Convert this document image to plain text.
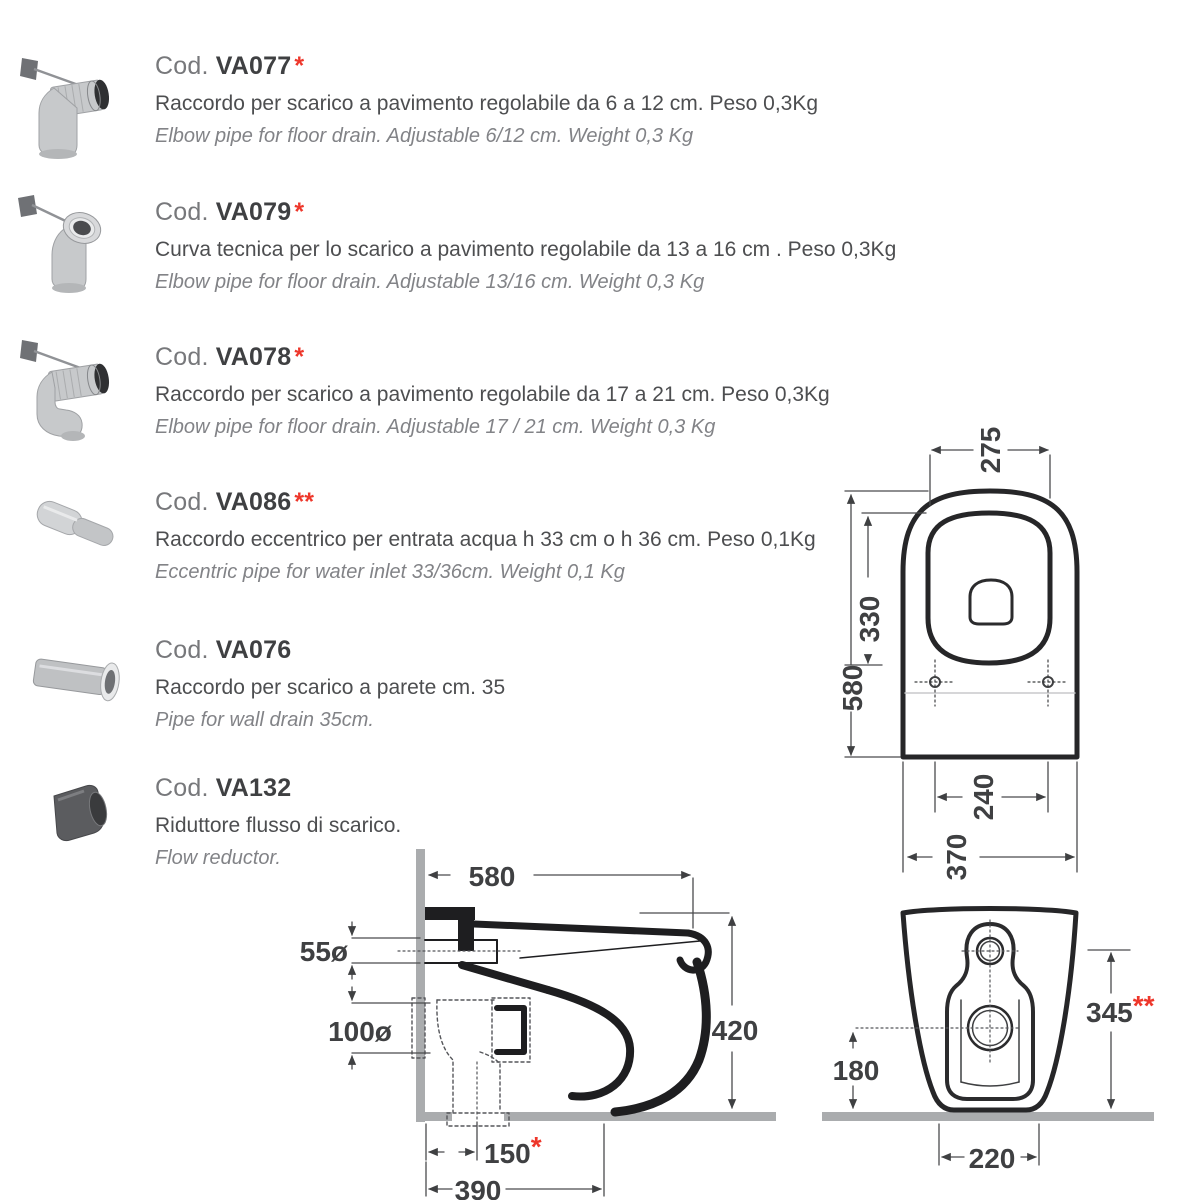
Cod. VA077 *

Raccordo per scarico a pavimento regolabile da 6 a 12 cm. Peso 0,3Kg

Elbow pipe for floor drain. Adjustable 6/12 cm. Weight 0,3 Kg

Cod. VA079 *

Curva tecnica per lo scarico a pavimento regolabile da 13 a 16 cm . Peso 0,3Kg

Elbow pipe for floor drain. Adjustable 13/16 cm. Weight 0,3 Kg

Cod. VA078 *

Raccordo per scarico a pavimento regolabile da 17 a 21 cm. Peso 0,3Kg

Elbow pipe for floor drain. Adjustable 17 / 21 cm. Weight 0,3 Kg

Cod. VA086 **

Raccordo eccentrico per entrata acqua h 33 cm o h 36 cm. Peso 0,1Kg

Eccentric pipe for water inlet 33/36cm. Weight 0,1 Kg

Cod. VA076

Raccordo per scarico a parete cm. 35

Pipe for wall drain 35cm.

Cod. VA132

Riduttore flusso di scarico.

Flow reductor.

275
330
580
240
370
580
55ø
100ø	420
150*
390
345**
180
220
